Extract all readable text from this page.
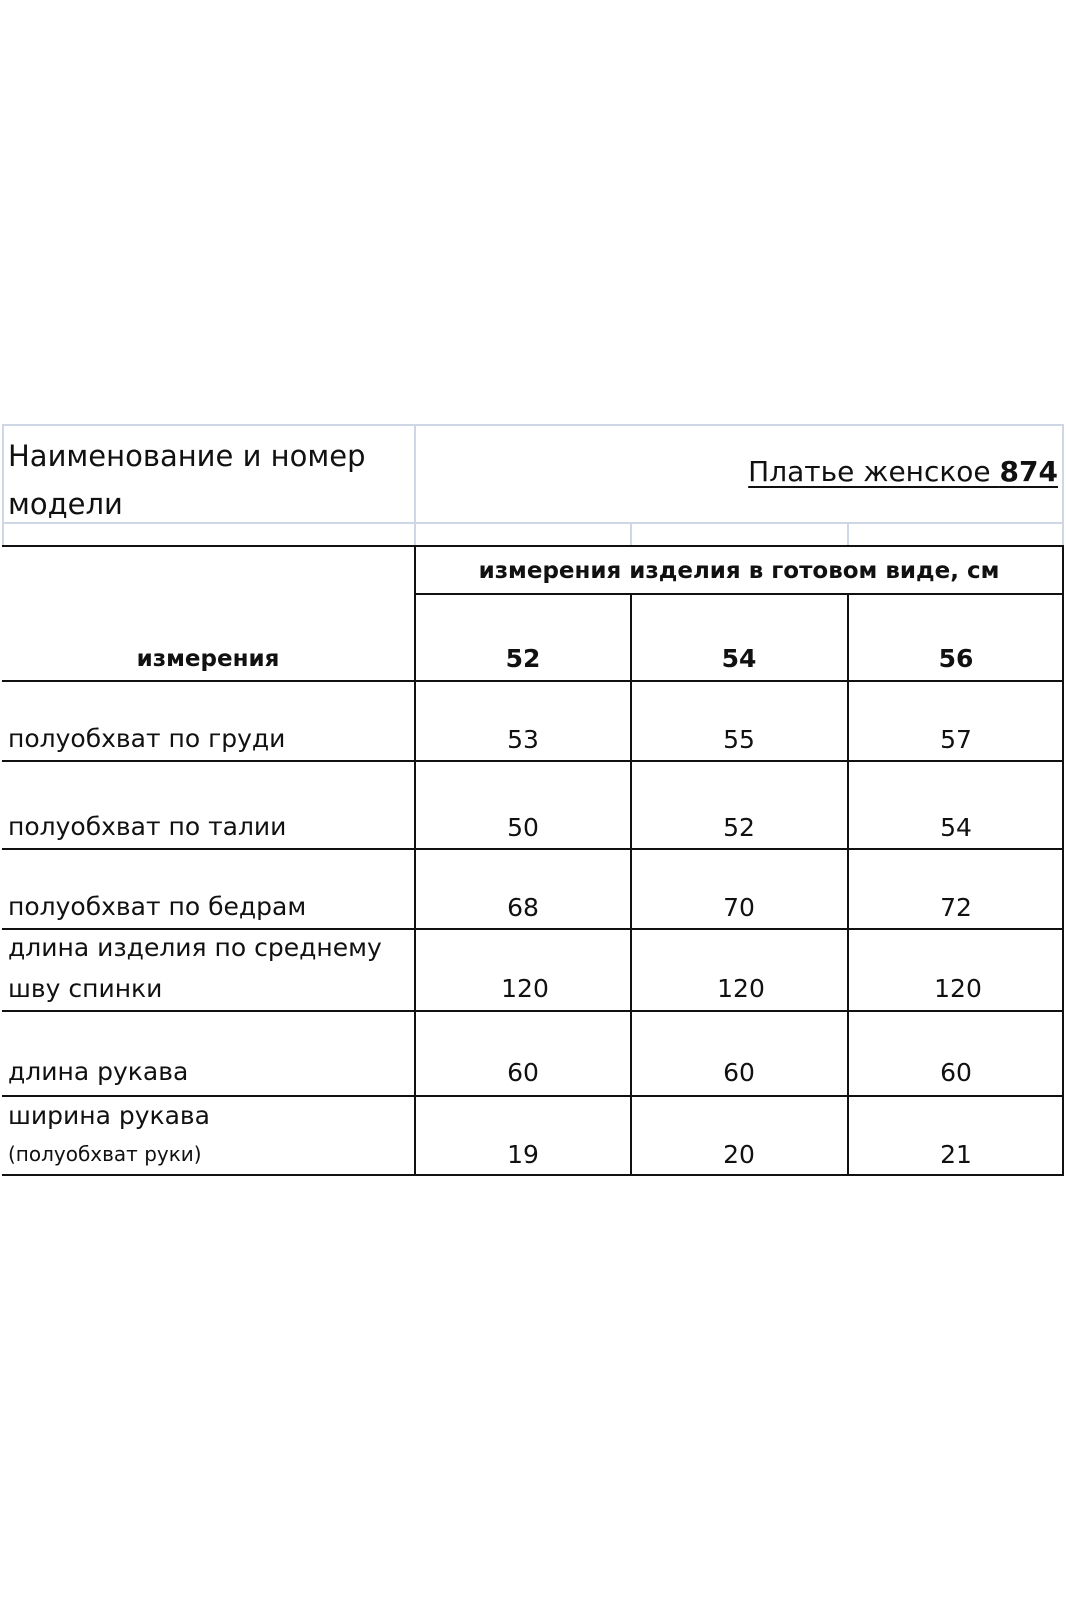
Наименование и номер модели
Платье женское 874
измерения изделия в готовом виде, см
измерения	52	54	56
полуобхват по груди	53	55	57
полуобхват по талии	50	52	54
полуобхват по бедрам	68	70	72
длина изделия по среднему
шву спинки	120	120	120
длина рукава	60	60	60
ширина рукава
(полуобхват руки)	19	20	21
